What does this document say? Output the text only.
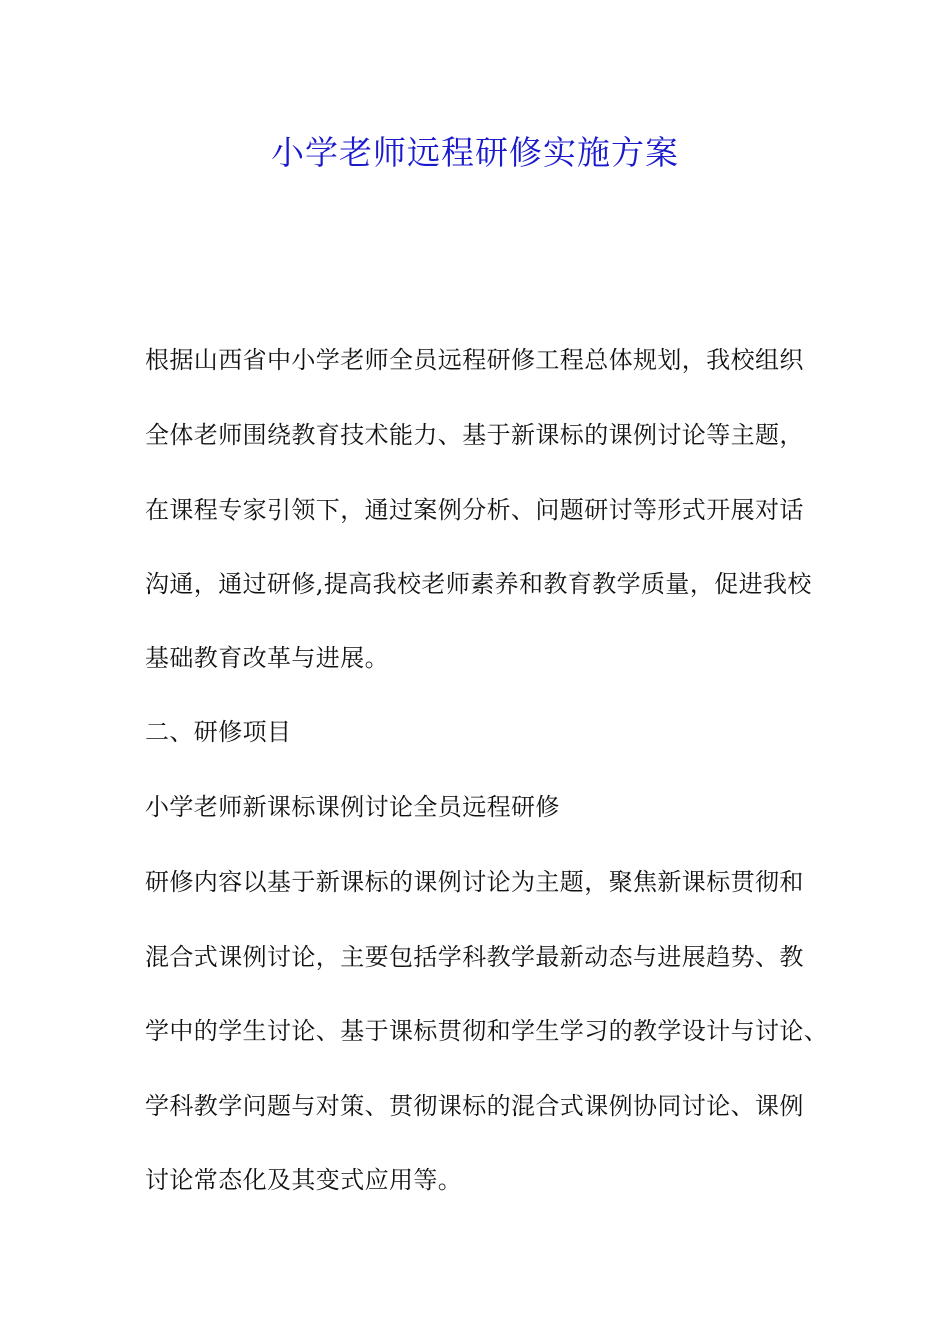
小学老师远程研修实施方案
根据山西省中小学老师全员远程研修工程总体规划，我校组织
全体老师围绕教育技术能力、基于新课标的课例讨论等主题，
在课程专家引领下，通过案例分析、问题研讨等形式开展对话
沟通，通过研修,提高我校老师素养和教育教学质量，促进我校
基础教育改革与进展。
二、研修项目
小学老师新课标课例讨论全员远程研修
研修内容以基于新课标的课例讨论为主题，聚焦新课标贯彻和
混合式课例讨论，主要包括学科教学最新动态与进展趋势、教
学中的学生讨论、基于课标贯彻和学生学习的教学设计与讨论、
学科教学问题与对策、贯彻课标的混合式课例协同讨论、课例
讨论常态化及其变式应用等。
